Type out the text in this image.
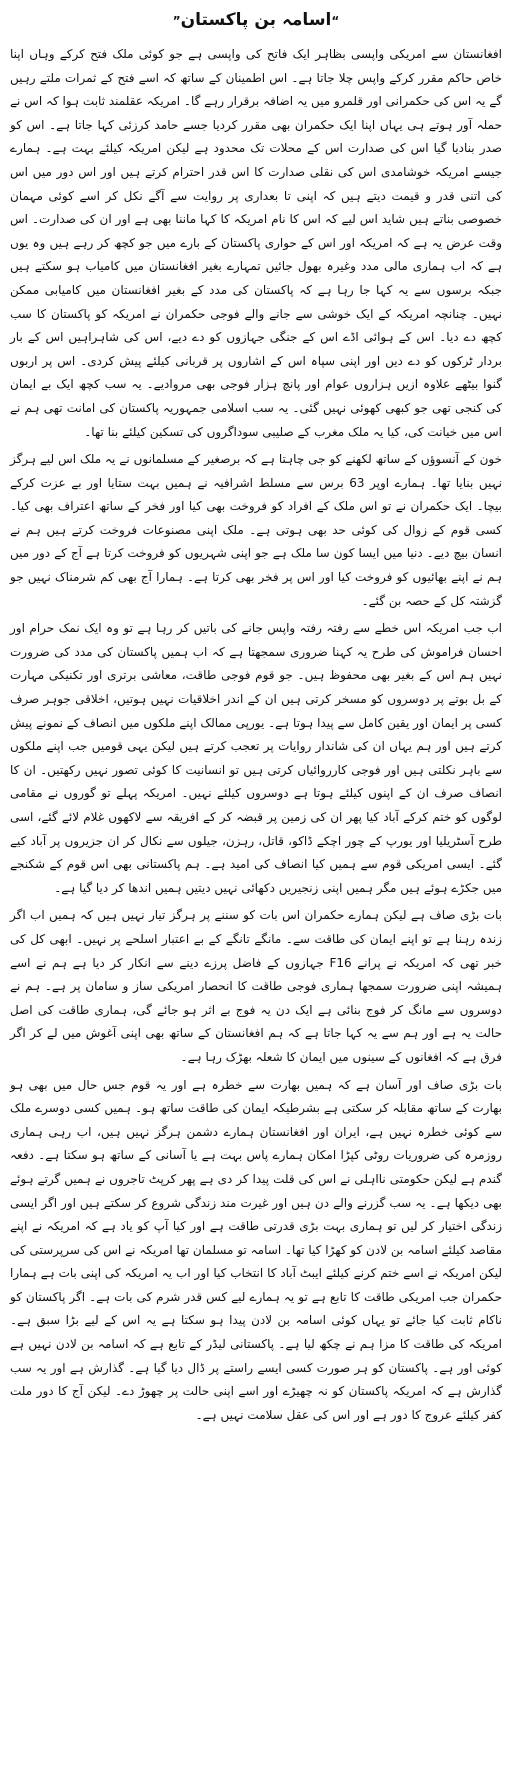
“اسامہ بن پاکستان”

افغانستان سے امریکی واپسی بظاہر ایک فاتح کی واپسی ہے جو کوئی ملک فتح کرکے وہاں اپنا خاص حاکم مقرر کرکے واپس چلا جاتا ہے۔ اس اطمینان کے ساتھ کہ اسے فتح کے ثمرات ملتے رہیں گے یہ اس کی حکمرانی اور قلمرو میں یہ اضافہ برقرار رہے گا۔ امریکہ عقلمند ثابت ہوا کہ اس نے حملہ آور ہوتے ہی یہاں اپنا ایک حکمران بھی مقرر کردیا جسے حامد کرزئی کہا جاتا ہے۔ اس کو صدر بنادیا گیا اس کی صدارت اس کے محلات تک محدود ہے لیکن امریکہ کیلئے بہت ہے۔ ہمارے جیسے امریکہ خوشامدی اس کی نقلی صدارت کا اس قدر احترام کرتے ہیں اور اس دور میں اس کی اتنی قدر و قیمت دیتے ہیں کہ اپنی تا بعداری پر روایت سے آگے نکل کر اسے کوئی مہمان خصوصی بناتے ہیں شاید اس لیے کہ اس کا نام امریکہ کا کہا ماننا بھی ہے اور ان کی صدارت۔ اس وقت عرض یہ ہے کہ امریکہ اور اس کے حواری پاکستان کے بارے میں جو کچھ کر رہے ہیں وہ یوں ہے کہ اب ہماری مالی مدد وغیرہ بھول جائیں تمہارے بغیر افغانستان میں کامیاب ہو سکتے ہیں جبکہ برسوں سے یہ کہا جا رہا ہے کہ پاکستان کی مدد کے بغیر افغانستان میں کامیابی ممکن نہیں۔ چنانچہ امریکہ کے ایک خوشی سے جانے والے فوجی حکمران نے امریکہ کو پاکستان کا سب کچھ دے دیا۔ اس کے ہوائی اڈے اس کے جنگی جہازوں کو دے دیے، اس کی شاہراہیں اس کے بار بردار ٹرکوں کو دے دیں اور اپنی سپاہ اس کے اشاروں پر قربانی کیلئے پیش کردی۔ اس پر اربوں گنوا بیٹھے علاوہ ازیں ہزاروں عوام اور پانچ ہزار فوجی بھی مروادیے۔ یہ سب کچھ ایک بے ایمان کی کنجی تھی جو کبھی کھوئی نہیں گئی۔ یہ سب اسلامی جمہوریہ پاکستان کی امانت تھی ہم نے اس میں خیانت کی، کیا یہ ملک مغرب کے صلیبی سوداگروں کی تسکین کیلئے بنا تھا۔

خون کے آنسوؤں کے ساتھ لکھنے کو جی چاہتا ہے کہ برصغیر کے مسلمانوں نے یہ ملک اس لیے ہرگز نہیں بنایا تھا۔ ہمارے اوپر 63 برس سے مسلط اشرافیہ نے ہمیں بہت ستایا اور بے عزت کرکے بیچا۔ ایک حکمران نے تو اس ملک کے افراد کو فروخت بھی کیا اور فخر کے ساتھ اعتراف بھی کیا۔ کسی قوم کے زوال کی کوئی حد بھی ہوتی ہے۔ ملک اپنی مصنوعات فروخت کرتے ہیں ہم نے انسان بیچ دیے۔ دنیا میں ایسا کون سا ملک ہے جو اپنی شہریوں کو فروخت کرتا ہے آج کے دور میں ہم نے اپنے بھائیوں کو فروخت کیا اور اس پر فخر بھی کرتا ہے۔ ہمارا آج بھی کم شرمناک نہیں جو گزشتہ کل کے حصہ بن گئے۔

اب جب امریکہ اس خطے سے رفتہ رفتہ واپس جانے کی باتیں کر رہا ہے تو وہ ایک نمک حرام اور احسان فراموش کی طرح یہ کہنا ضروری سمجھتا ہے کہ اب ہمیں پاکستان کی مدد کی ضرورت نہیں ہم اس کے بغیر بھی محفوظ ہیں۔ جو قوم فوجی طاقت، معاشی برتری اور تکنیکی مہارت کے بل بوتے پر دوسروں کو مسخر کرتی ہیں ان کے اندر اخلاقیات نہیں ہوتیں، اخلاقی جوہر صرف کسی پر ایمان اور یقین کامل سے پیدا ہوتا ہے۔ یورپی ممالک اپنے ملکوں میں انصاف کے نمونے پیش کرتے ہیں اور ہم یہاں ان کی شاندار روایات پر تعجب کرتے ہیں لیکن یہی قومیں جب اپنے ملکوں سے باہر نکلتی ہیں اور فوجی کارروائیاں کرتی ہیں تو انسانیت کا کوئی تصور نہیں رکھتیں۔ ان کا انصاف صرف ان کے اپنوں کیلئے ہوتا ہے دوسروں کیلئے نہیں۔ امریکہ پہلے تو گوروں نے مقامی لوگوں کو ختم کرکے آباد کیا پھر ان کی زمین پر قبضہ کر کے افریقہ سے لاکھوں غلام لائے گئے، اسی طرح آسٹریلیا اور یورپ کے چور اچکے ڈاکو، قاتل، رہزن، جیلوں سے نکال کر ان جزیروں پر آباد کیے گئے۔ ایسی امریکی قوم سے ہمیں کیا انصاف کی امید ہے۔ ہم پاکستانی بھی اس قوم کے شکنجے میں جکڑے ہوئے ہیں مگر ہمیں اپنی زنجیریں دکھائی نہیں دیتیں ہمیں اندھا کر دیا گیا ہے۔

بات بڑی صاف ہے لیکن ہمارے حکمران اس بات کو سننے پر ہرگز تیار نہیں ہیں کہ ہمیں اب اگر زندہ رہنا ہے تو اپنے ایمان کی طاقت سے۔ مانگے تانگے کے بے اعتبار اسلحے پر نہیں۔ ابھی کل کی خبر تھی کہ امریکہ نے پرانے F16 جہازوں کے فاضل پرزے دینے سے انکار کر دیا ہے ہم نے اسے ہمیشہ اپنی ضرورت سمجھا ہماری فوجی طاقت کا انحصار امریکی ساز و سامان پر ہے۔ ہم نے دوسروں سے مانگ کر فوج بنائی ہے ایک دن یہ فوج بے اثر ہو جائے گی، ہماری طاقت کی اصل حالت یہ ہے اور ہم سے یہ کہا جاتا ہے کہ ہم افغانستان کے ساتھ بھی اپنی آغوش میں لے کر اگر فرق ہے کہ افغانوں کے سینوں میں ایمان کا شعلہ بھڑک رہا ہے۔

بات بڑی صاف اور آسان ہے کہ ہمیں بھارت سے خطرہ ہے اور یہ قوم جس حال میں بھی ہو بھارت کے ساتھ مقابلہ کر سکتی ہے بشرطیکہ ایمان کی طاقت ساتھ ہو۔ ہمیں کسی دوسرے ملک سے کوئی خطرہ نہیں ہے، ایران اور افغانستان ہمارے دشمن ہرگز نہیں ہیں، اب رہی ہماری روزمرہ کی ضروریات روٹی کپڑا امکان ہمارے پاس بہت ہے یا آسانی کے ساتھ ہو سکتا ہے۔ دفعہ گندم ہے لیکن حکومتی نااہلی نے اس کی قلت پیدا کر دی ہے پھر کرپٹ تاجروں نے ہمیں گرتے ہوئے بھی دیکھا ہے۔ یہ سب گزرنے والے دن ہیں اور غیرت مند زندگی شروع کر سکتے ہیں اور اگر ایسی زندگی اختیار کر لیں تو ہماری بہت بڑی قدرتی طاقت ہے اور کیا آپ کو یاد ہے کہ امریکہ نے اپنے مقاصد کیلئے اسامہ بن لادن کو کھڑا کیا تھا۔ اسامہ تو مسلمان تھا امریکہ نے اس کی سرپرستی کی لیکن امریکہ نے اسے ختم کرنے کیلئے ایبٹ آباد کا انتخاب کیا اور اب یہ امریکہ کی اپنی بات ہے ہمارا حکمران جب امریکی طاقت کا تابع ہے تو یہ ہمارے لیے کس قدر شرم کی بات ہے۔ اگر پاکستان کو ناکام ثابت کیا جائے تو یہاں کوئی اسامہ بن لادن پیدا ہو سکتا ہے یہ اس کے لیے بڑا سبق ہے۔ امریکہ کی طاقت کا مزا ہم نے چکھ لیا ہے۔ پاکستانی لیڈر کے تابع ہے کہ اسامہ بن لادن نہیں ہے کوئی اور ہے۔ پاکستان کو ہر صورت کسی ایسے راستے پر ڈال دیا گیا ہے۔ گذارش ہے اور یہ سب گذارش ہے کہ امریکہ پاکستان کو نہ چھیڑے اور اسے اپنی حالت پر چھوڑ دے۔ لیکن آج کا دور ملت کفر کیلئے عروج کا دور ہے اور اس کی عقل سلامت نہیں ہے۔
